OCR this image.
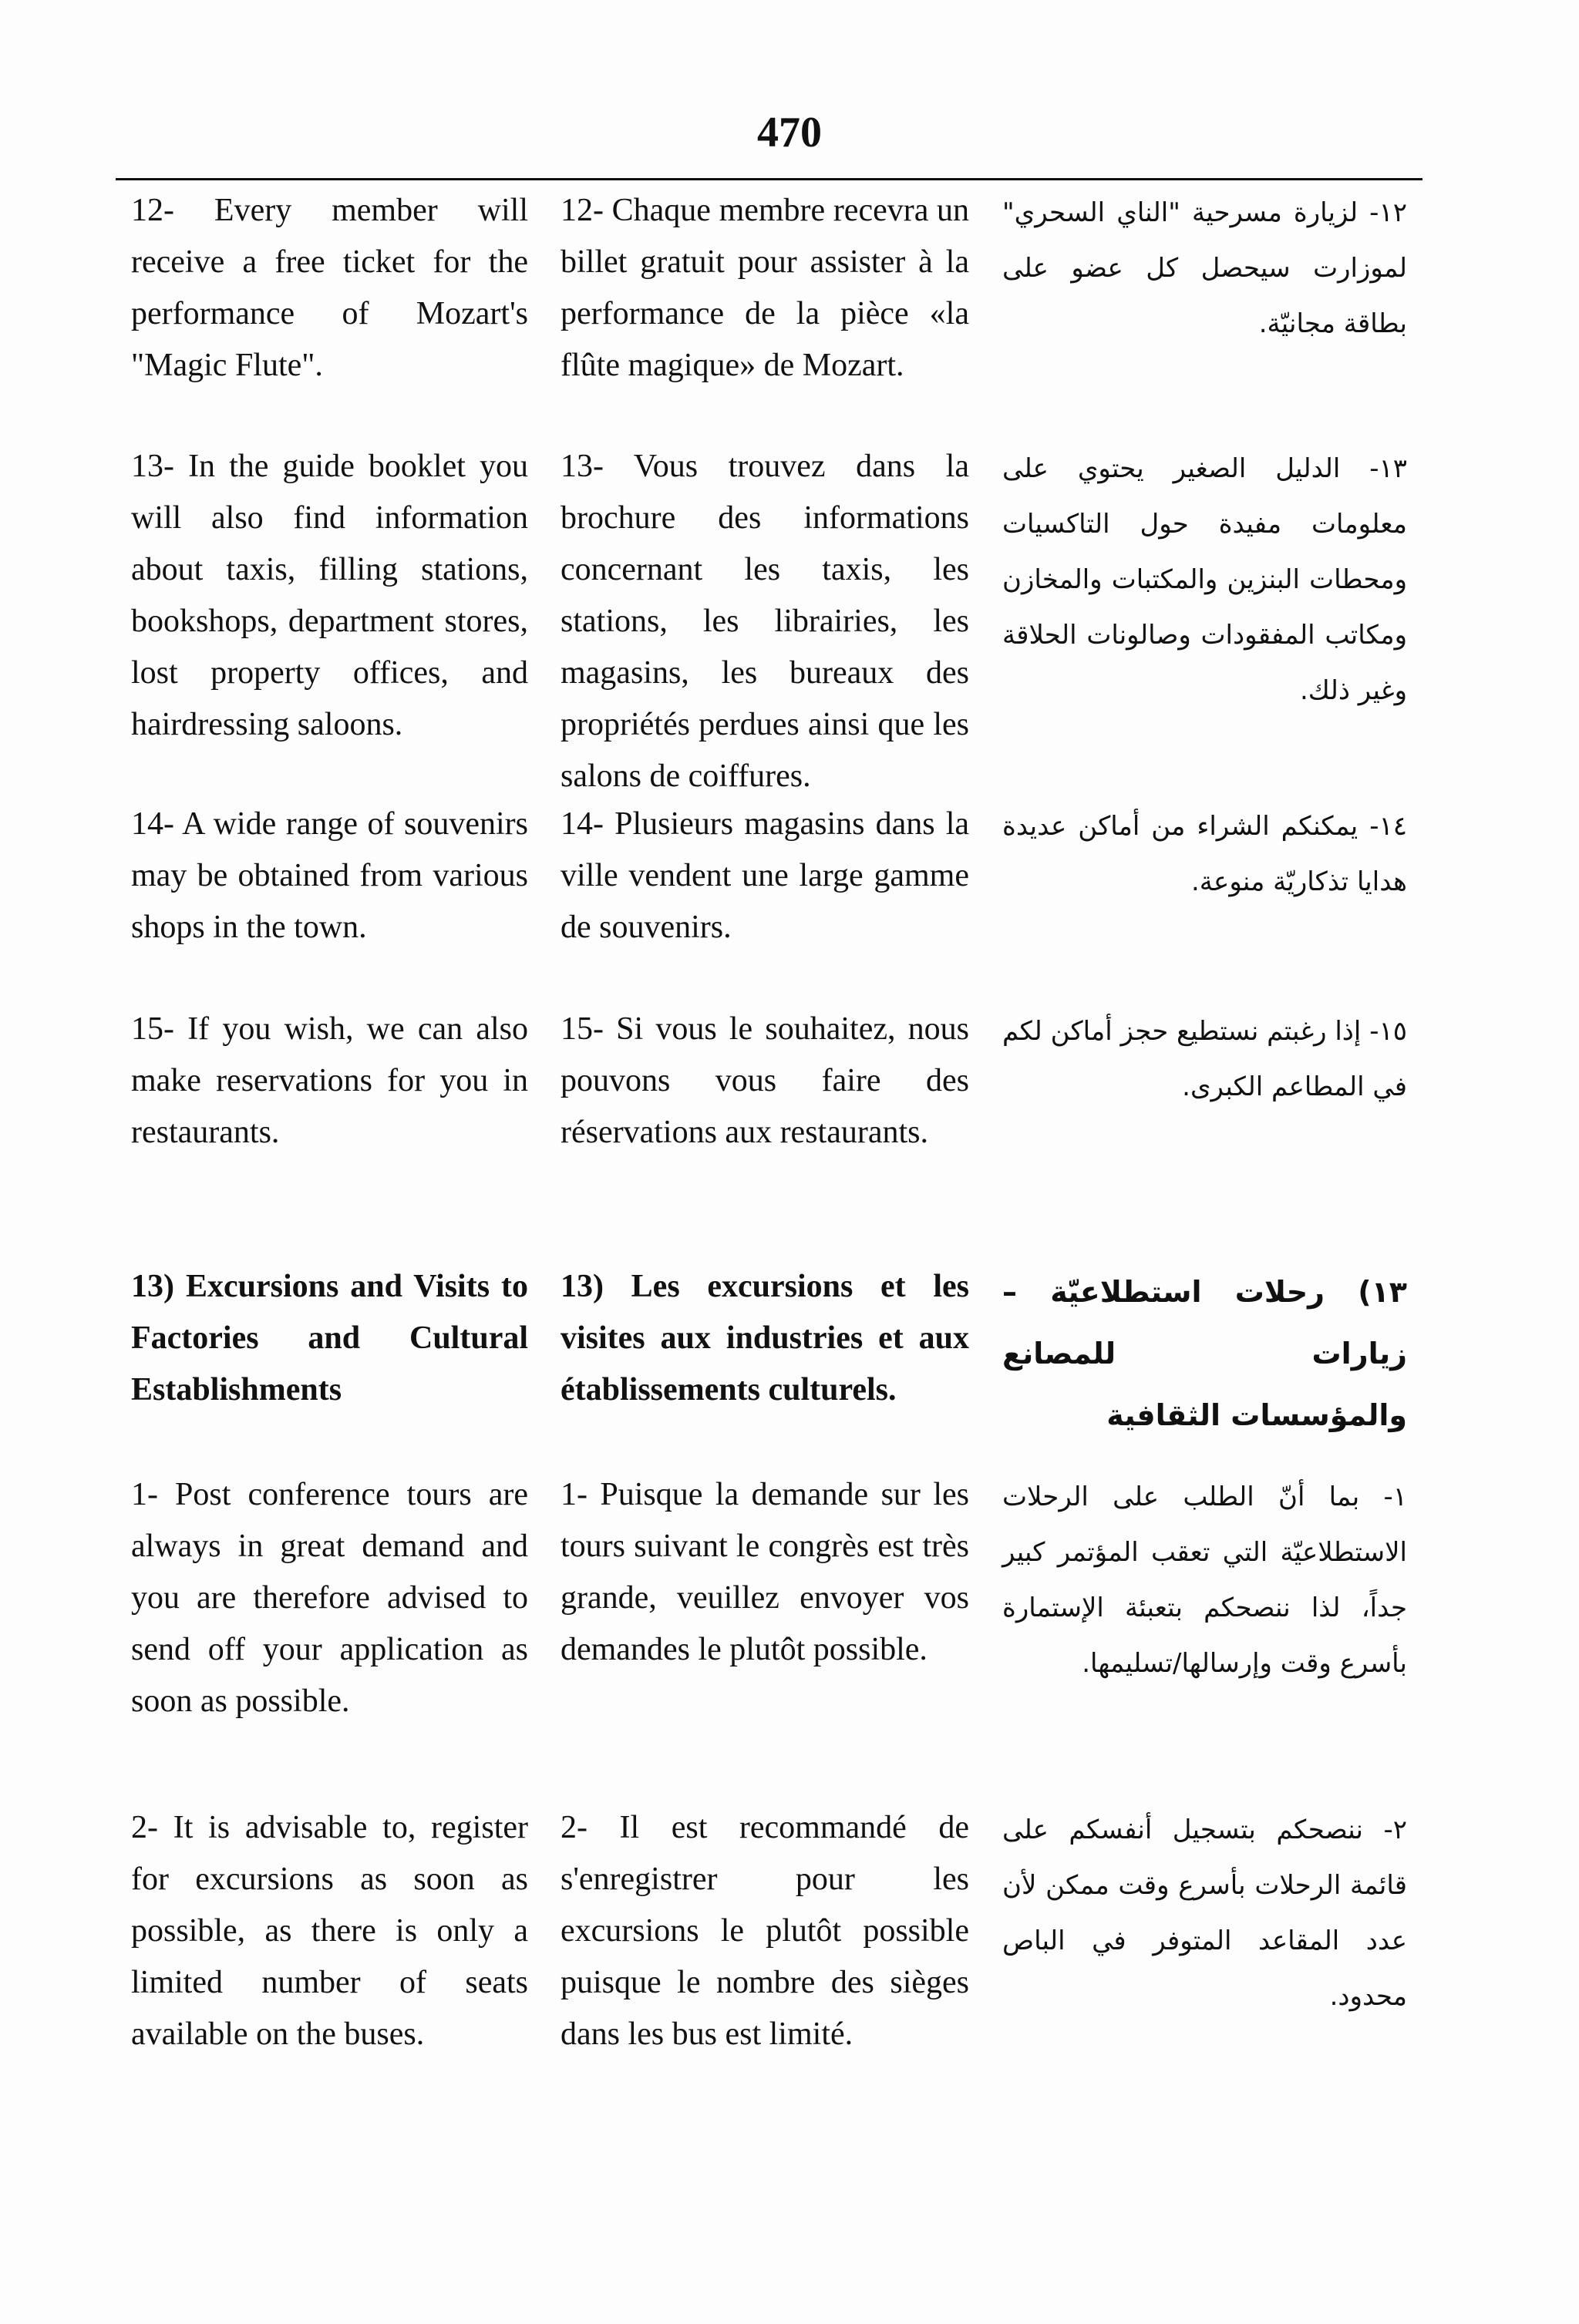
470

12- Every member will receive a free ticket for the performance of Mozart's "Magic Flute".

12- Chaque membre recevra un billet gratuit pour assister à la performance de la pièce «la flûte magique» de Mozart.

١٢- لزيارة مسرحية "الناي السحري" لموزارت سيحصل كل عضو على بطاقة مجانيّة.

13- In the guide booklet you will also find information about taxis, filling stations, bookshops, department stores, lost property offices, and hairdressing saloons.

13- Vous trouvez dans la brochure des informations concernant les taxis, les stations, les librairies, les magasins, les bureaux des propriétés perdues ainsi que les salons de coiffures.

١٣- الدليل الصغير يحتوي على معلومات مفيدة حول التاكسيات ومحطات البنزين والمكتبات والمخازن ومكاتب المفقودات وصالونات الحلاقة وغير ذلك.

14- A wide range of souvenirs may be obtained from various shops in the town.

14- Plusieurs magasins dans la ville vendent une large gamme de souvenirs.

١٤- يمكنكم الشراء من أماكن عديدة هدايا تذكاريّة منوعة.

15- If you wish, we can also make reservations for you in restaurants.

15- Si vous le souhaitez, nous pouvons vous faire des réservations aux restaurants.

١٥- إذا رغبتم نستطيع حجز أماكن لكم في المطاعم الكبرى.

13) Excursions and Visits to Factories and Cultural Establishments

13) Les excursions et les visites aux industries et aux établissements culturels.

١٣) رحلات استطلاعيّة – زيارات للمصانع والمؤسسات الثقافية

1- Post conference tours are always in great demand and you are therefore advised to send off your application as soon as possible.

1- Puisque la demande sur les tours suivant le congrès est très grande, veuillez envoyer vos demandes le plutôt possible.

١- بما أنّ الطلب على الرحلات الاستطلاعيّة التي تعقب المؤتمر كبير جداً، لذا ننصحكم بتعبئة الإستمارة بأسرع وقت وإرسالها/تسليمها.

2- It is advisable to, register for excursions as soon as possible, as there is only a limited number of seats available on the buses.

2- Il est recommandé de s'enregistrer pour les excursions le plutôt possible puisque le nombre des sièges dans les bus est limité.

٢- ننصحكم بتسجيل أنفسكم على قائمة الرحلات بأسرع وقت ممكن لأن عدد المقاعد المتوفر في الباص محدود.
